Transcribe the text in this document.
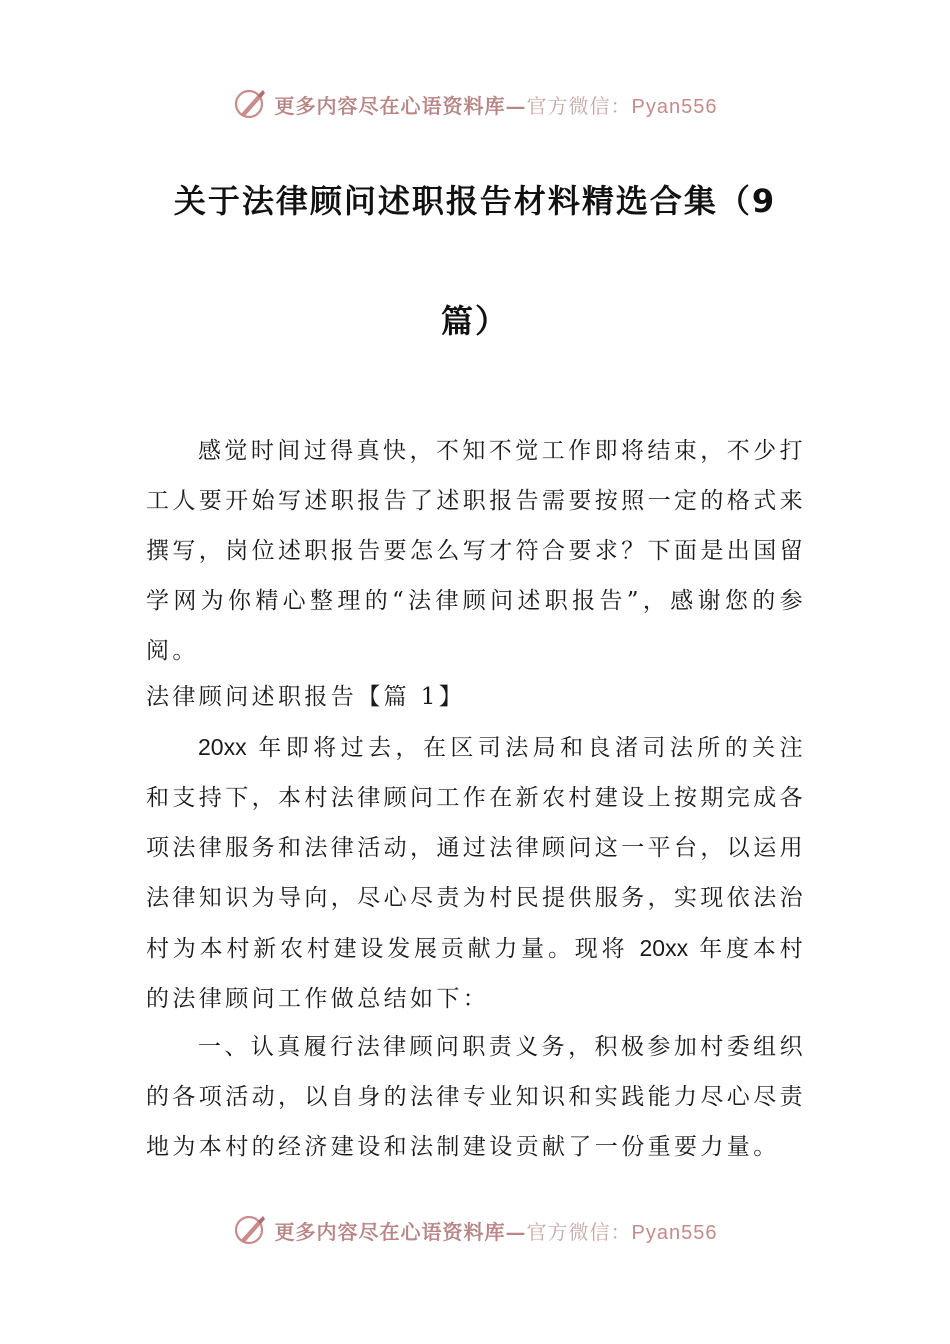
更多内容尽在心语资料库—官方微信：Pyan556
关于法律顾问述职报告材料精选合集（9
篇）
感觉时间过得真快，不知不觉工作即将结束，不少打工人要开始写述职报告了述职报告需要按照一定的格式来撰写，岗位述职报告要怎么写才符合要求？下面是出国留学网为你精心整理的“法律顾问述职报告”，感谢您的参阅。
法律顾问述职报告【篇 1】
20xx 年即将过去，在区司法局和良渚司法所的关注和支持下，本村法律顾问工作在新农村建设上按期完成各项法律服务和法律活动，通过法律顾问这一平台，以运用法律知识为导向，尽心尽责为村民提供服务，实现依法治村为本村新农村建设发展贡献力量。现将 20xx 年度本村的法律顾问工作做总结如下：
一、认真履行法律顾问职责义务，积极参加村委组织的各项活动，以自身的法律专业知识和实践能力尽心尽责地为本村的经济建设和法制建设贡献了一份重要力量。
更多内容尽在心语资料库—官方微信：Pyan556
